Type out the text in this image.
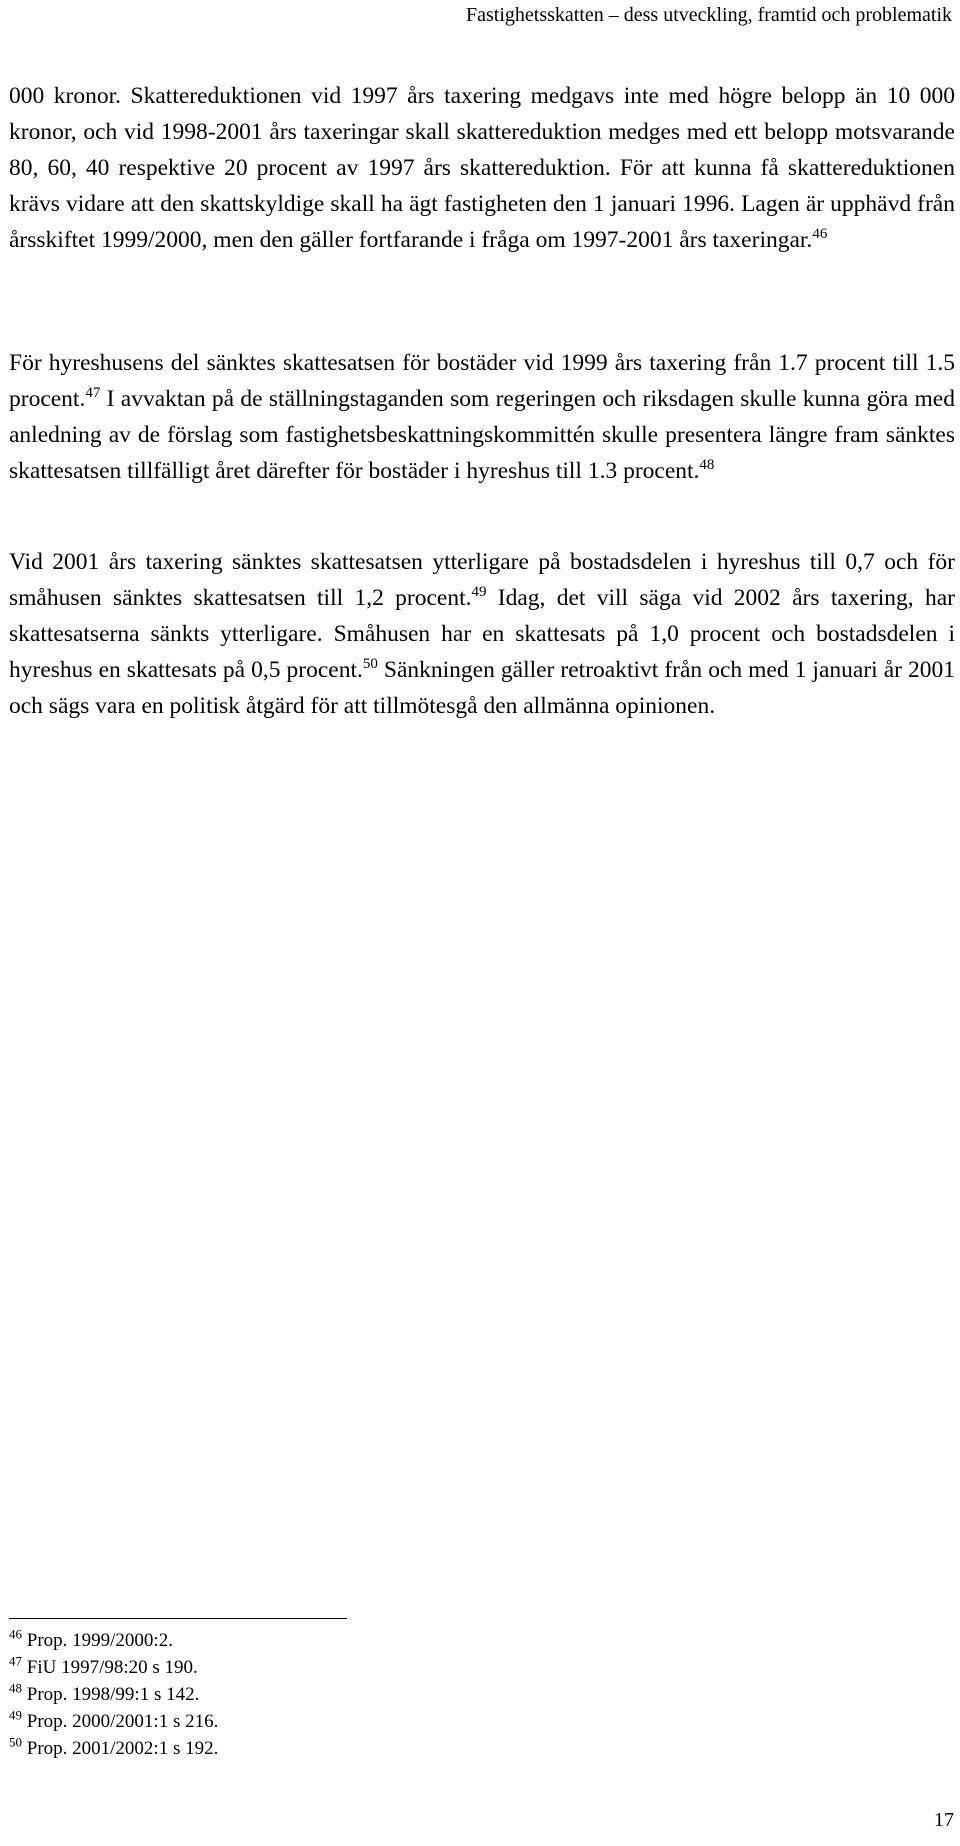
Fastighetsskatten – dess utveckling, framtid och problematik

000 kronor. Skattereduktionen vid 1997 års taxering medgavs inte med högre belopp än 10 000 kronor, och vid 1998-2001 års taxeringar skall skattereduktion medges med ett belopp motsvarande 80, 60, 40 respektive 20 procent av 1997 års skattereduktion. För att kunna få skattereduktionen krävs vidare att den skattskyldige skall ha ägt fastigheten den 1 januari 1996. Lagen är upphävd från årsskiftet 1999/2000, men den gäller fortfarande i fråga om 1997-2001 års taxeringar.$^{46}$

För hyreshusens del sänktes skattesatsen för bostäder vid 1999 års taxering från 1.7 procent till 1.5 procent.$^{47}$ I avvaktan på de ställningstaganden som regeringen och riksdagen skulle kunna göra med anledning av de förslag som fastighetsbeskattningskommittén skulle presentera längre fram sänktes skattesatsen tillfälligt året därefter för bostäder i hyreshus till 1.3 procent.$^{48}$

Vid 2001 års taxering sänktes skattesatsen ytterligare på bostadsdelen i hyreshus till 0,7 och för småhusen sänktes skattesatsen till 1,2 procent.$^{49}$ Idag, det vill säga vid 2002 års taxering, har skattesatserna sänkts ytterligare. Småhusen har en skattesats på 1,0 procent och bostadsdelen i hyreshus en skattesats på 0,5 procent.$^{50}$ Sänkningen gäller retroaktivt från och med 1 januari år 2001 och sägs vara en politisk åtgärd för att tillmötesgå den allmänna opinionen.

$^{46}$ Prop. 1999/2000:2.
$^{47}$ FiU 1997/98:20 s 190.
$^{48}$ Prop. 1998/99:1 s 142.
$^{49}$ Prop. 2000/2001:1 s 216.
$^{50}$ Prop. 2001/2002:1 s 192.
17
